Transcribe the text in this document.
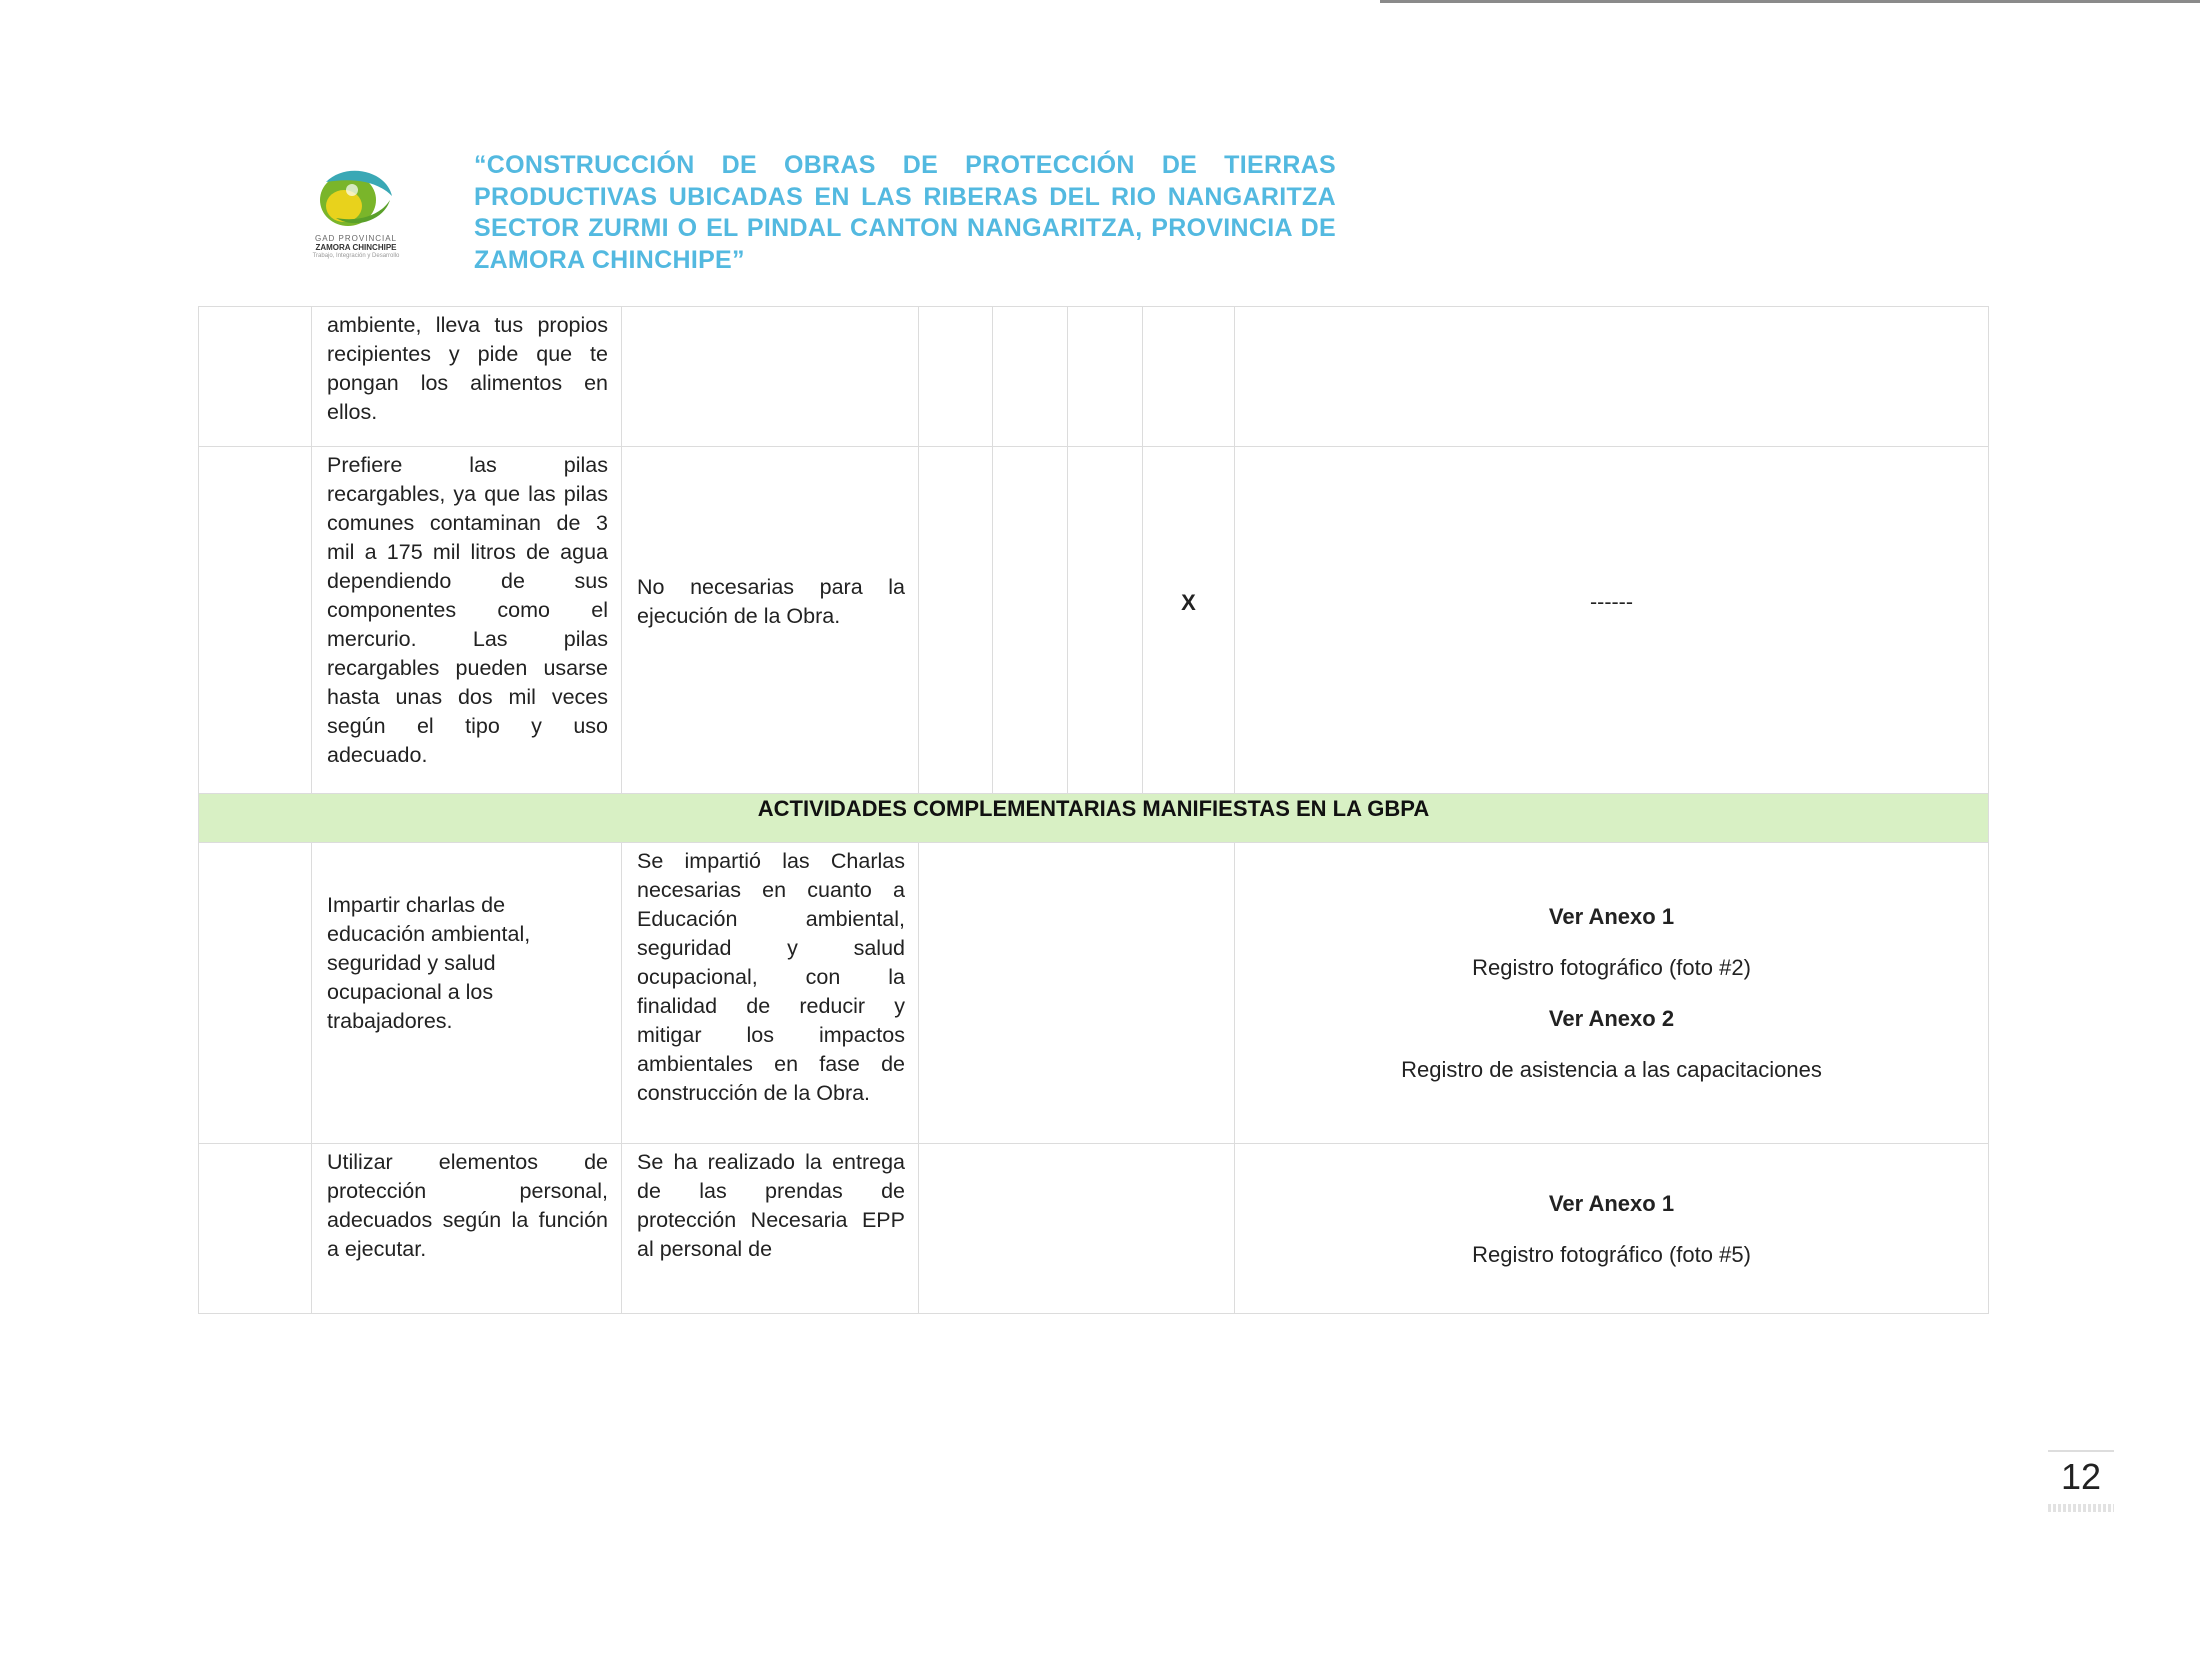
GAD PROVINCIAL
ZAMORA CHINCHIPE
Trabajo, Integración y Desarrollo
“CONSTRUCCIÓN DE OBRAS DE PROTECCIÓN DE TIERRAS
PRODUCTIVAS UBICADAS EN LAS RIBERAS DEL RIO NANGARITZA
SECTOR ZURMI O EL PINDAL CANTON NANGARITZA, PROVINCIA DE
ZAMORA CHINCHIPE”
	ambiente, lleva tus propios recipientes y pide que te pongan los alimentos en ellos.						
	Prefiere las pilas recargables, ya que las pilas comunes contaminan de 3 mil a 175 mil litros de agua dependiendo de sus componentes como el mercurio. Las pilas recargables pueden usarse hasta unas dos mil veces según el tipo y uso adecuado.	No necesarias para la ejecución de la Obra.				X	------
ACTIVIDADES COMPLEMENTARIAS MANIFIESTAS EN LA GBPA							
	Impartir charlas de educación ambiental, seguridad y salud ocupacional a los trabajadores.	Se impartió las Charlas necesarias en cuanto a Educación ambiental, seguridad y salud ocupacional, con la finalidad de reducir y mitigar los impactos ambientales en fase de construcción de la Obra.					Ver Anexo 1

Registro fotográfico (foto #2)

Ver Anexo 2

Registro de asistencia a las capacitaciones

	Utilizar elementos de protección personal, adecuados según la función a ejecutar.	Se ha realizado la entrega de las prendas de protección Necesaria EPP al personal de					Ver Anexo 1

Registro fotográfico (foto #5)

12
